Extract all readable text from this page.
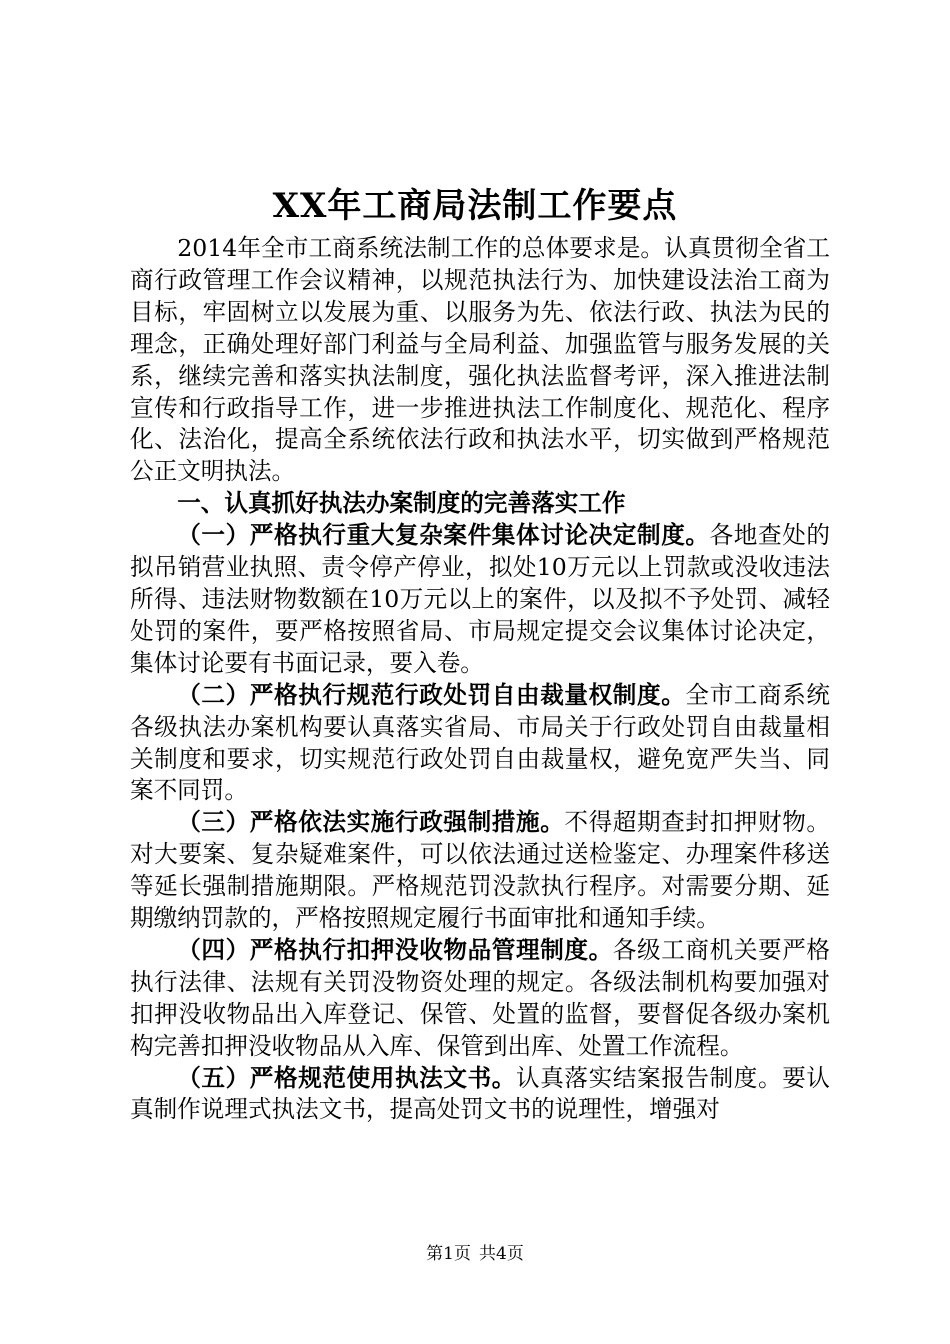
XX年工商局法制工作要点

2014年全市工商系统法制工作的总体要求是。认真贯彻全省工商行政管理工作会议精神，以规范执法行为、加快建设法治工商为目标，牢固树立以发展为重、以服务为先、依法行政、执法为民的理念，正确处理好部门利益与全局利益、加强监管与服务发展的关系，继续完善和落实执法制度，强化执法监督考评，深入推进法制宣传和行政指导工作，进一步推进执法工作制度化、规范化、程序化、法治化，提高全系统依法行政和执法水平，切实做到严格规范公正文明执法。

一、认真抓好执法办案制度的完善落实工作

（一）严格执行重大复杂案件集体讨论决定制度。各地查处的拟吊销营业执照、责令停产停业，拟处10万元以上罚款或没收违法所得、违法财物数额在10万元以上的案件，以及拟不予处罚、减轻处罚的案件，要严格按照省局、市局规定提交会议集体讨论决定，集体讨论要有书面记录，要入卷。

（二）严格执行规范行政处罚自由裁量权制度。全市工商系统各级执法办案机构要认真落实省局、市局关于行政处罚自由裁量相关制度和要求，切实规范行政处罚自由裁量权，避免宽严失当、同案不同罚。

（三）严格依法实施行政强制措施。不得超期查封扣押财物。对大要案、复杂疑难案件，可以依法通过送检鉴定、办理案件移送等延长强制措施期限。严格规范罚没款执行程序。对需要分期、延期缴纳罚款的，严格按照规定履行书面审批和通知手续。

（四）严格执行扣押没收物品管理制度。各级工商机关要严格执行法律、法规有关罚没物资处理的规定。各级法制机构要加强对扣押没收物品出入库登记、保管、处置的监督，要督促各级办案机构完善扣押没收物品从入库、保管到出库、处置工作流程。

（五）严格规范使用执法文书。认真落实结案报告制度。要认真制作说理式执法文书，提高处罚文书的说理性，增强对

第1页 共4页
